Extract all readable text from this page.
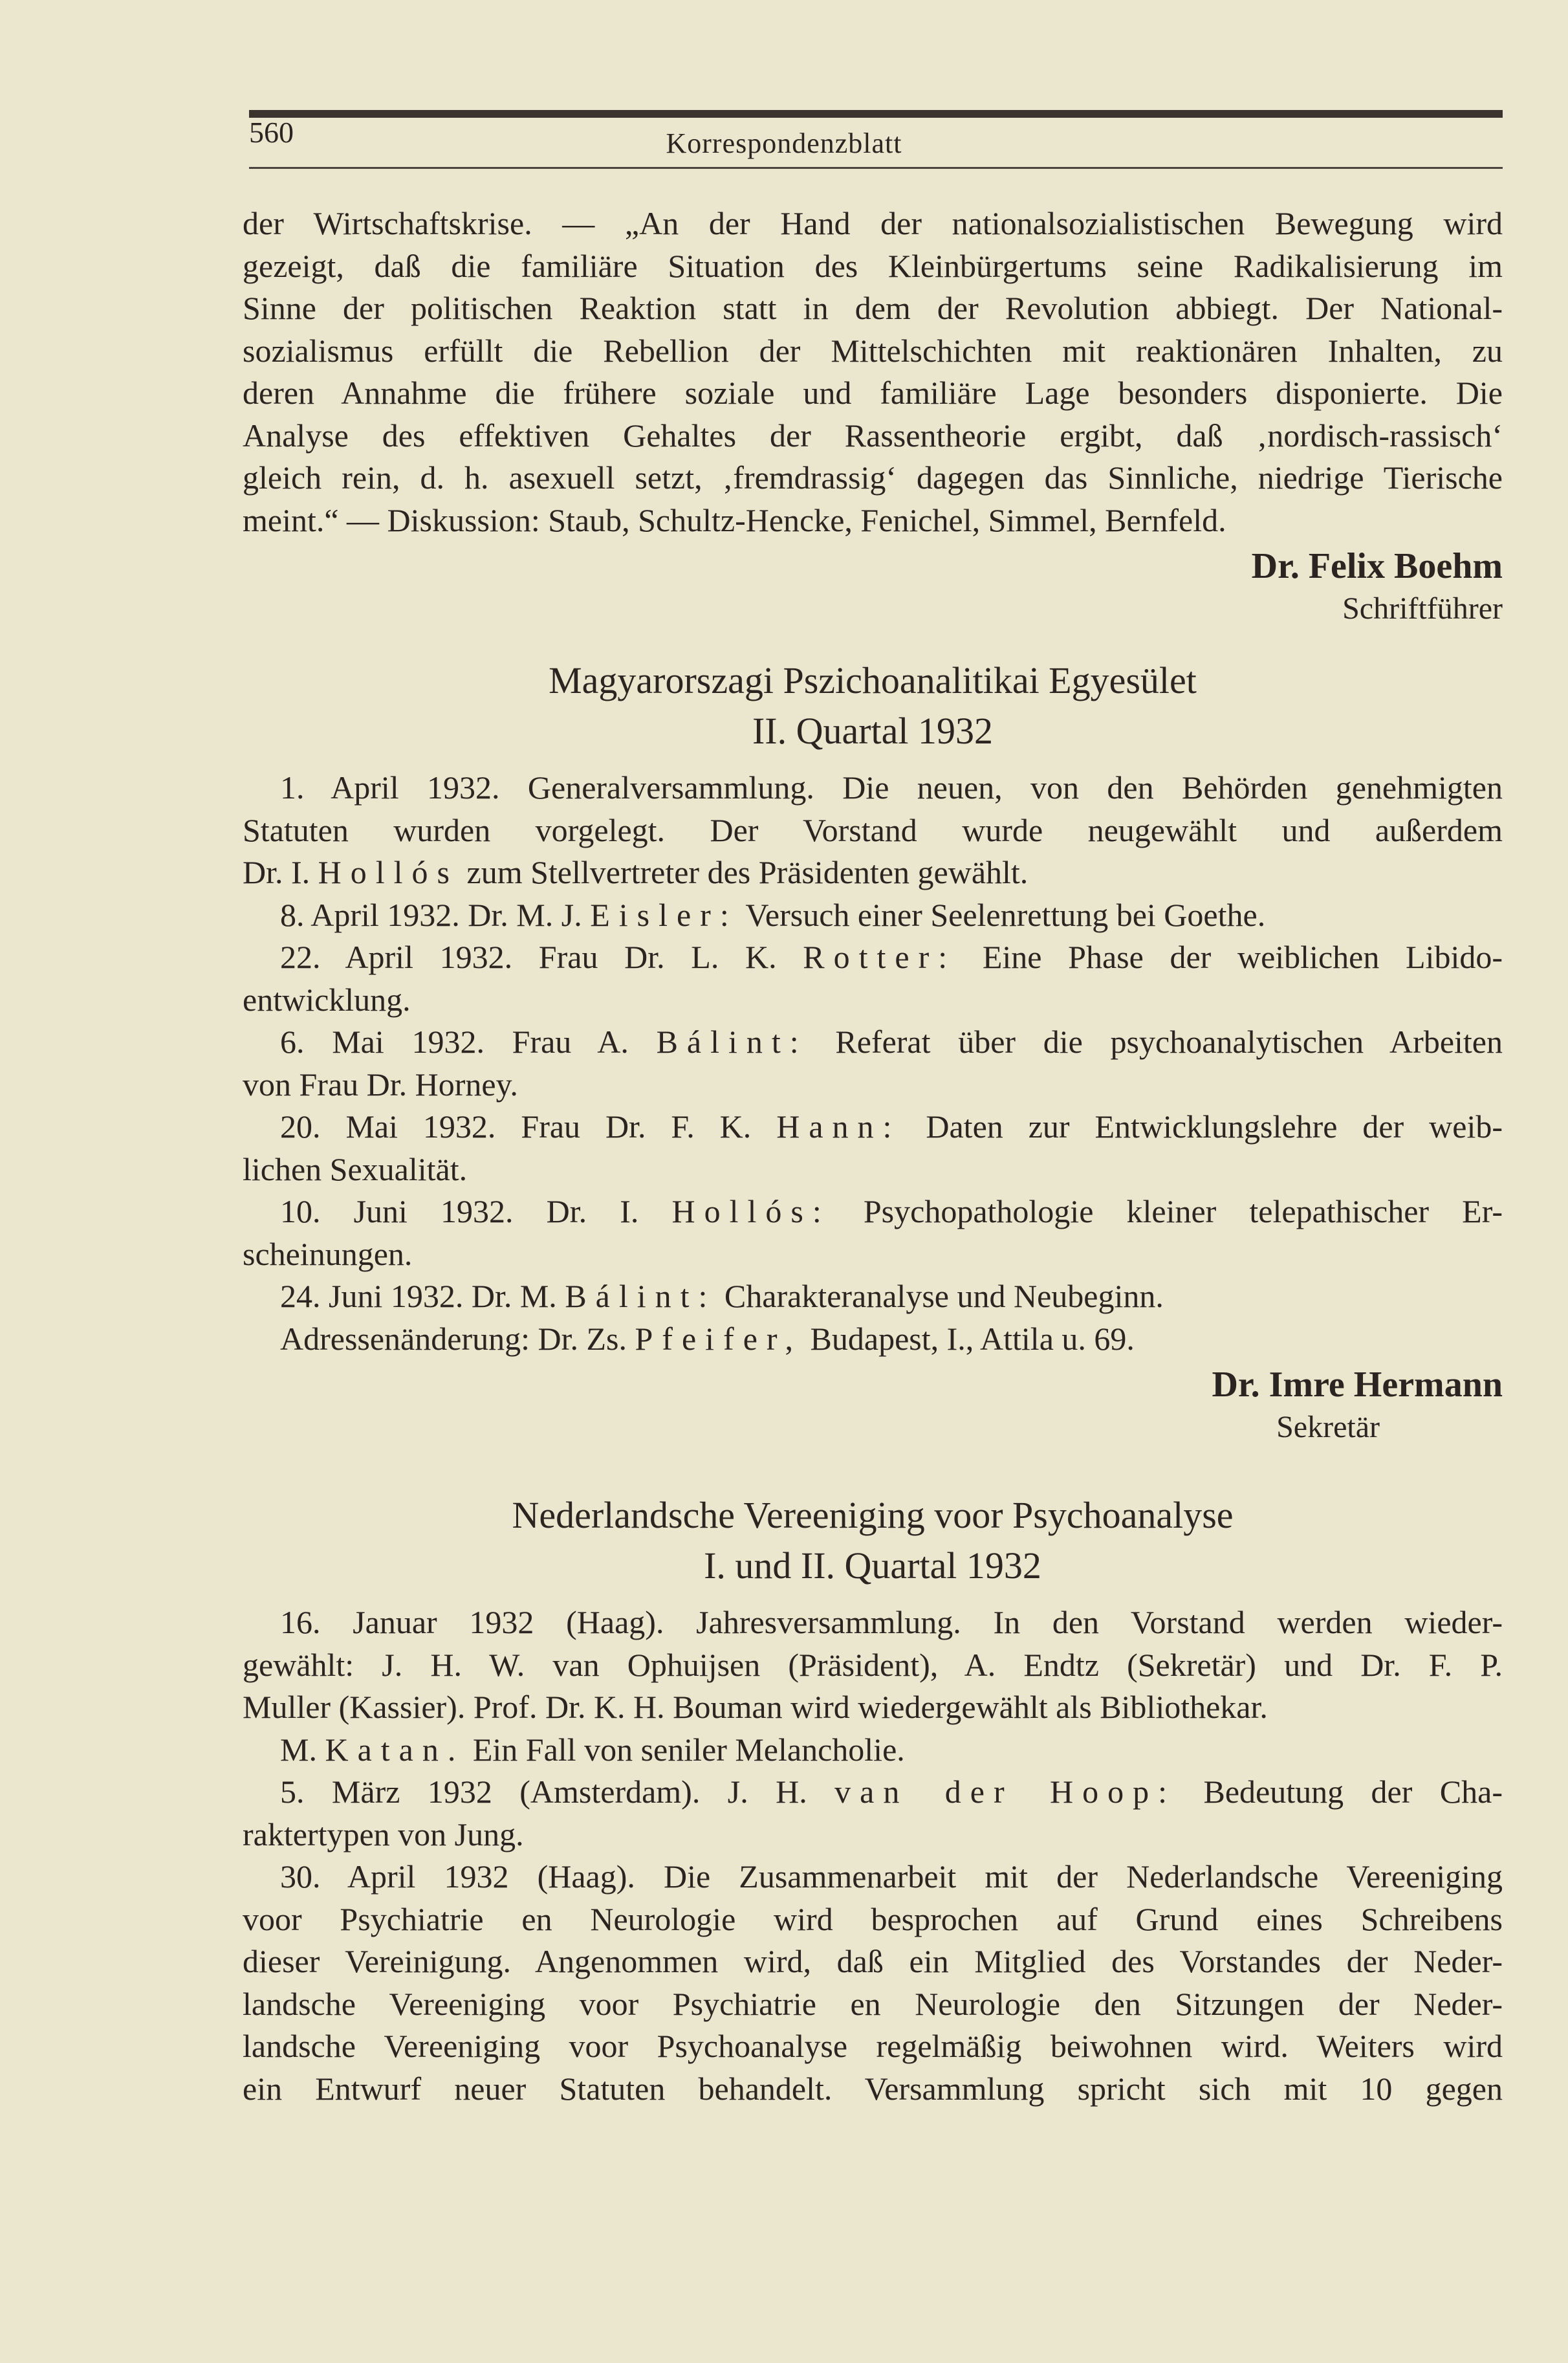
560	Korrespondenzblatt
der Wirtschaftskrise. — „An der Hand der nationalsozialistischen Bewegung wird
gezeigt, daß die familiäre Situation des Kleinbürgertums seine Radikalisierung im
Sinne der politischen Reaktion statt in dem der Revolution abbiegt. Der National-
sozialismus erfüllt die Rebellion der Mittelschichten mit reaktionären Inhalten, zu
deren Annahme die frühere soziale und familiäre Lage besonders disponierte. Die
Analyse des effektiven Gehaltes der Rassentheorie ergibt, daß ‚nordisch-rassisch‘
gleich rein, d. h. asexuell setzt, ‚fremdrassig‘ dagegen das Sinnliche, niedrige Tierische
meint.“ — Diskussion: Staub, Schultz-Hencke, Fenichel, Simmel, Bernfeld.
Dr. Felix Boehm
Schriftführer
Magyarorszagi Pszichoanalitikai Egyesület
II. Quartal 1932
1. April 1932. Generalversammlung. Die neuen, von den Behörden genehmigten
Statuten wurden vorgelegt. Der Vorstand wurde neugewählt und außerdem
Dr. I. Hollós zum Stellvertreter des Präsidenten gewählt.
8. April 1932. Dr. M. J. Eisler: Versuch einer Seelenrettung bei Goethe.
22. April 1932. Frau Dr. L. K. Rotter: Eine Phase der weiblichen Libido-
entwicklung.
6. Mai 1932. Frau A. Bálint: Referat über die psychoanalytischen Arbeiten
von Frau Dr. Horney.
20. Mai 1932. Frau Dr. F. K. Hann: Daten zur Entwicklungslehre der weib-
lichen Sexualität.
10. Juni 1932. Dr. I. Hollós: Psychopathologie kleiner telepathischer Er-
scheinungen.
24. Juni 1932. Dr. M. Bálint: Charakteranalyse und Neubeginn.
Adressenänderung: Dr. Zs. Pfeifer, Budapest, I., Attila u. 69.
Dr. Imre Hermann
Sekretär
Nederlandsche Vereeniging voor Psychoanalyse
I. und II. Quartal 1932
16. Januar 1932 (Haag). Jahresversammlung. In den Vorstand werden wieder-
gewählt: J. H. W. van Ophuijsen (Präsident), A. Endtz (Sekretär) und Dr. F. P.
Muller (Kassier). Prof. Dr. K. H. Bouman wird wiedergewählt als Bibliothekar.
M. Katan. Ein Fall von seniler Melancholie.
5. März 1932 (Amsterdam). J. H. van der Hoop: Bedeutung der Cha-
raktertypen von Jung.
30. April 1932 (Haag). Die Zusammenarbeit mit der Nederlandsche Vereeniging
voor Psychiatrie en Neurologie wird besprochen auf Grund eines Schreibens
dieser Vereinigung. Angenommen wird, daß ein Mitglied des Vorstandes der Neder-
landsche Vereeniging voor Psychiatrie en Neurologie den Sitzungen der Neder-
landsche Vereeniging voor Psychoanalyse regelmäßig beiwohnen wird. Weiters wird
ein Entwurf neuer Statuten behandelt. Versammlung spricht sich mit 10 gegen
